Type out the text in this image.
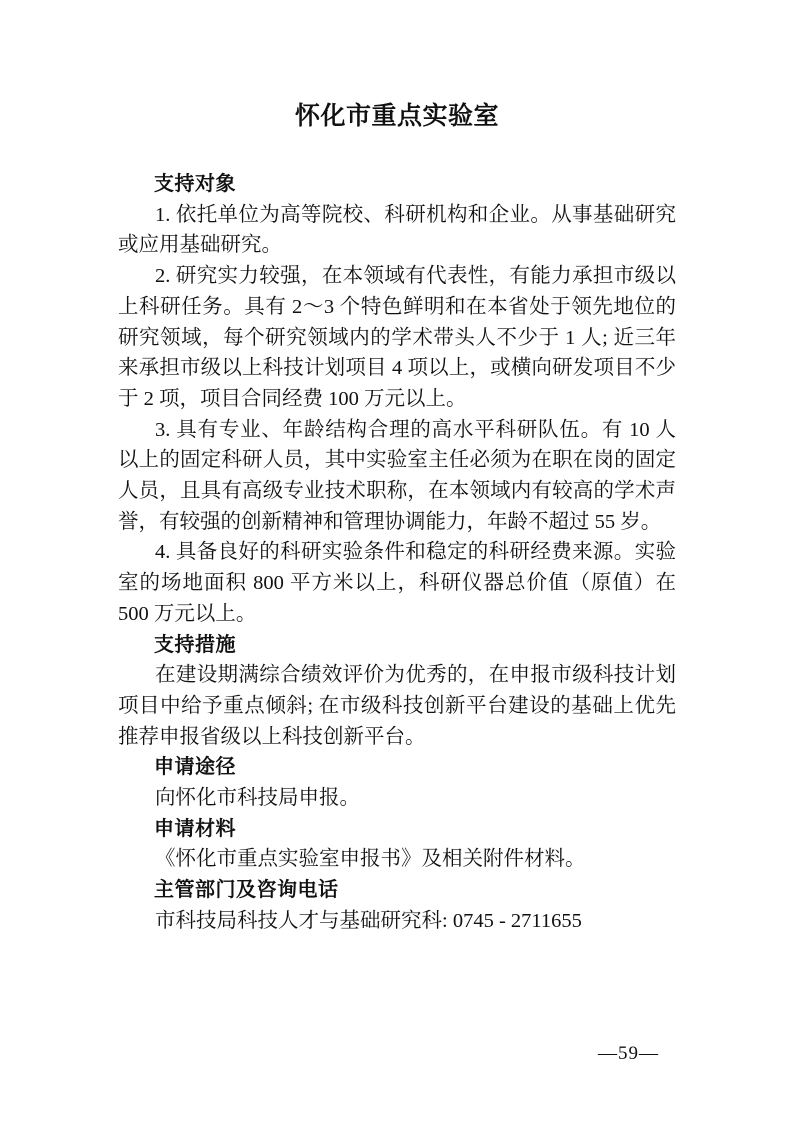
怀化市重点实验室
支持对象

1. 依托单位为高等院校、科研机构和企业。从事基础研究或应用基础研究。

2. 研究实力较强，在本领域有代表性，有能力承担市级以上科研任务。具有 2～3 个特色鲜明和在本省处于领先地位的研究领域，每个研究领域内的学术带头人不少于 1 人; 近三年来承担市级以上科技计划项目 4 项以上，或横向研发项目不少于 2 项，项目合同经费 100 万元以上。

3. 具有专业、年龄结构合理的高水平科研队伍。有 10 人以上的固定科研人员，其中实验室主任必须为在职在岗的固定人员，且具有高级专业技术职称，在本领域内有较高的学术声誉，有较强的创新精神和管理协调能力，年龄不超过 55 岁。

4. 具备良好的科研实验条件和稳定的科研经费来源。实验室的场地面积 800 平方米以上，科研仪器总价值（原值）在 500 万元以上。

支持措施

在建设期满综合绩效评价为优秀的，在申报市级科技计划项目中给予重点倾斜; 在市级科技创新平台建设的基础上优先推荐申报省级以上科技创新平台。

申请途径

向怀化市科技局申报。

申请材料

《怀化市重点实验室申报书》及相关附件材料。

主管部门及咨询电话

市科技局科技人才与基础研究科: 0745 - 2711655

—59—
